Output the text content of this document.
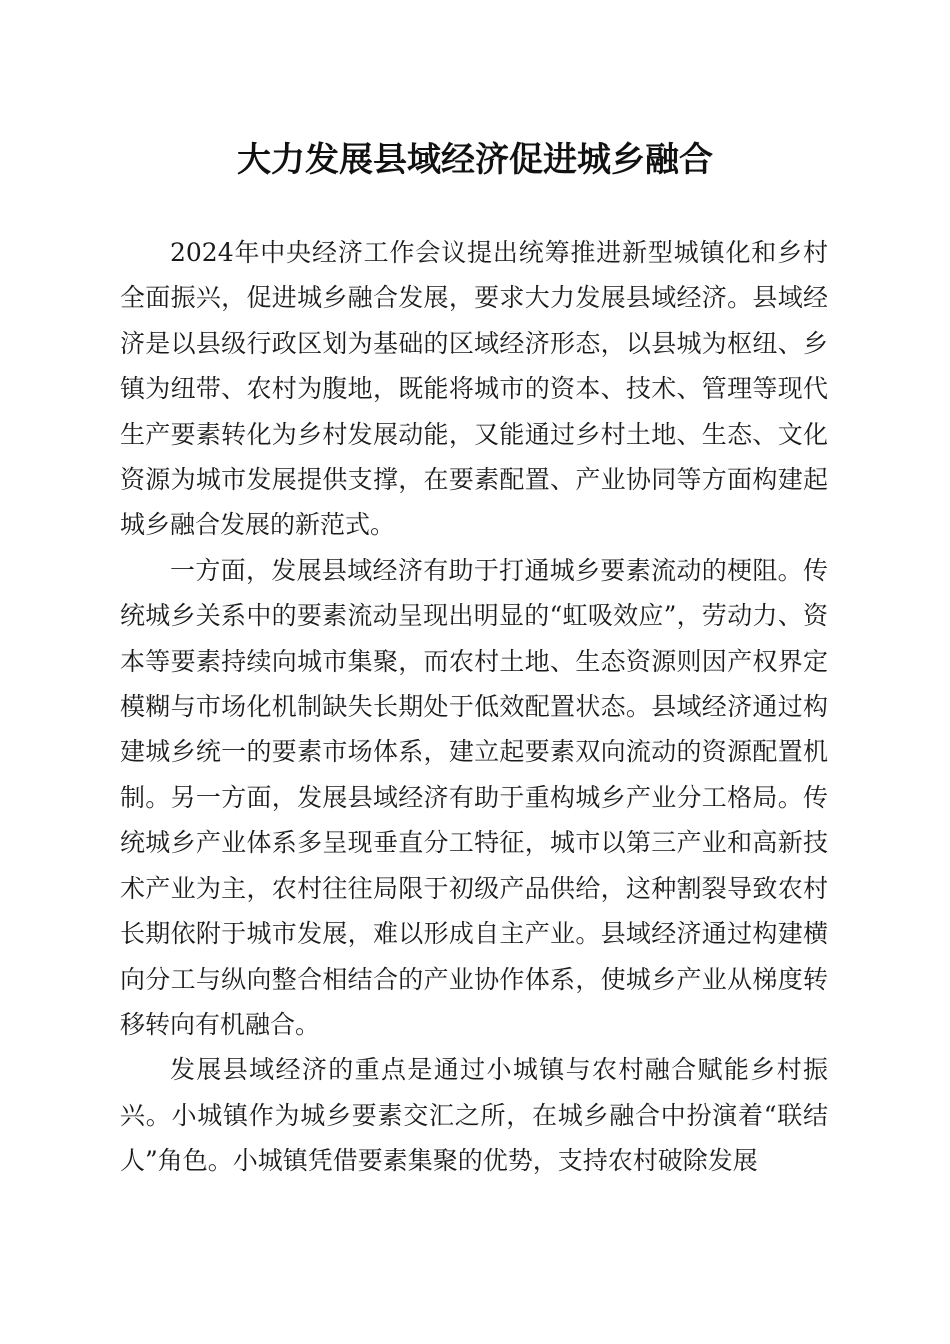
大力发展县域经济促进城乡融合

2024年中央经济工作会议提出统筹推进新型城镇化和乡村全面振兴，促进城乡融合发展，要求大力发展县域经济。县域经济是以县级行政区划为基础的区域经济形态，以县城为枢纽、乡镇为纽带、农村为腹地，既能将城市的资本、技术、管理等现代生产要素转化为乡村发展动能，又能通过乡村土地、生态、文化资源为城市发展提供支撑，在要素配置、产业协同等方面构建起城乡融合发展的新范式。

一方面，发展县域经济有助于打通城乡要素流动的梗阻。传统城乡关系中的要素流动呈现出明显的“虹吸效应”，劳动力、资本等要素持续向城市集聚，而农村土地、生态资源则因产权界定模糊与市场化机制缺失长期处于低效配置状态。县域经济通过构建城乡统一的要素市场体系，建立起要素双向流动的资源配置机制。另一方面，发展县域经济有助于重构城乡产业分工格局。传统城乡产业体系多呈现垂直分工特征，城市以第三产业和高新技术产业为主，农村往往局限于初级产品供给，这种割裂导致农村长期依附于城市发展，难以形成自主产业。县域经济通过构建横向分工与纵向整合相结合的产业协作体系，使城乡产业从梯度转移转向有机融合。

发展县域经济的重点是通过小城镇与农村融合赋能乡村振兴。小城镇作为城乡要素交汇之所，在城乡融合中扮演着“联结人”角色。小城镇凭借要素集聚的优势，支持农村破除发展
